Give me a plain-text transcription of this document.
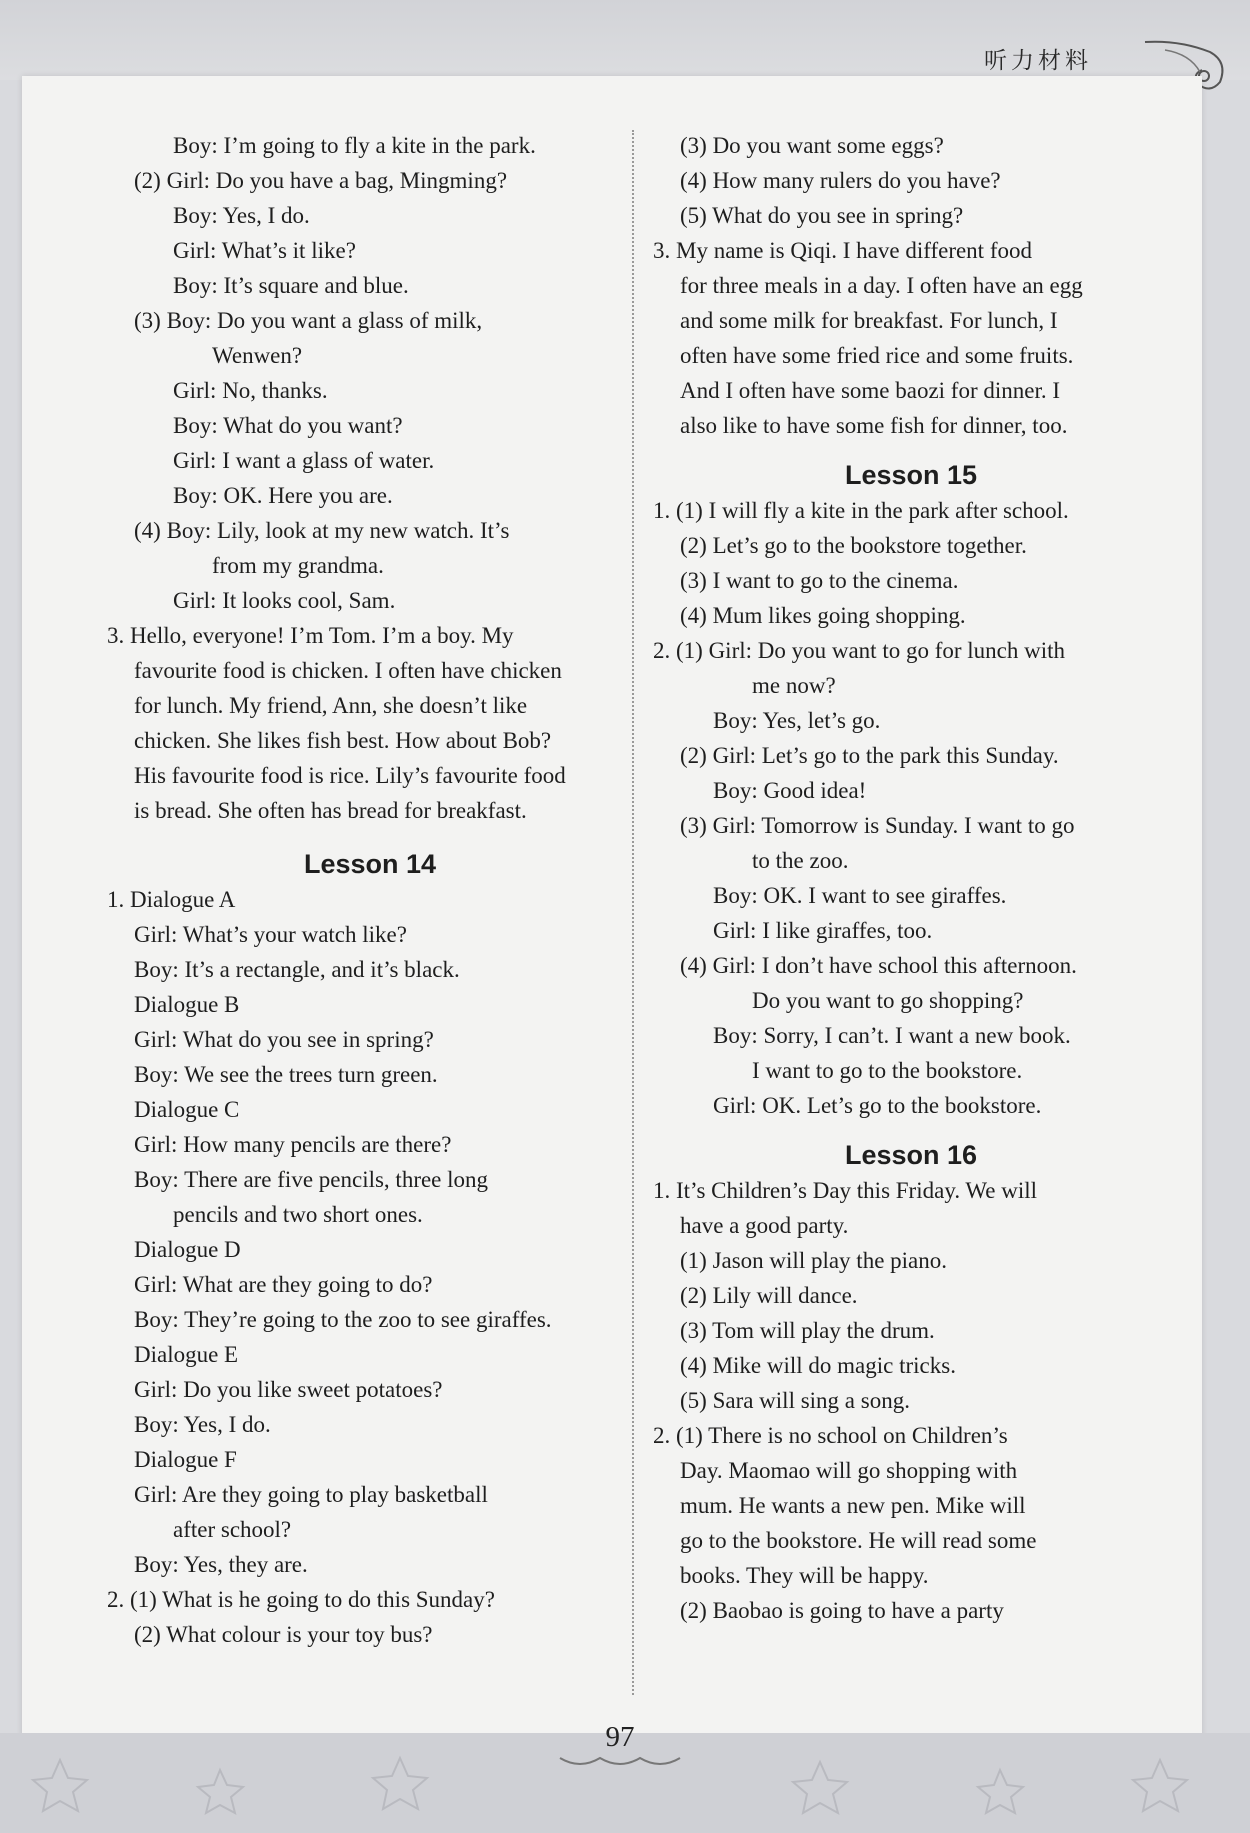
听力材料
Boy: I’m going to fly a kite in the park.
(2) Girl: Do you have a bag, Mingming?
Boy: Yes, I do.
Girl: What’s it like?
Boy: It’s square and blue.
(3) Boy: Do you want a glass of milk,
Wenwen?
Girl: No, thanks.
Boy: What do you want?
Girl: I want a glass of water.
Boy: OK. Here you are.
(4) Boy: Lily, look at my new watch. It’s
from my grandma.
Girl: It looks cool, Sam.
3. Hello, everyone! I’m Tom. I’m a boy. My
favourite food is chicken. I often have chicken
for lunch. My friend, Ann, she doesn’t like
chicken. She likes fish best. How about Bob?
His favourite food is rice. Lily’s favourite food
is bread. She often has bread for breakfast.
Lesson 14
1. Dialogue A
Girl: What’s your watch like?
Boy: It’s a rectangle, and it’s black.
Dialogue B
Girl: What do you see in spring?
Boy: We see the trees turn green.
Dialogue C
Girl: How many pencils are there?
Boy: There are five pencils, three long
pencils and two short ones.
Dialogue D
Girl: What are they going to do?
Boy: They’re going to the zoo to see giraffes.
Dialogue E
Girl: Do you like sweet potatoes?
Boy: Yes, I do.
Dialogue F
Girl: Are they going to play basketball
after school?
Boy: Yes, they are.
2. (1) What is he going to do this Sunday?
(2) What colour is your toy bus?
(3) Do you want some eggs?
(4) How many rulers do you have?
(5) What do you see in spring?
3. My name is Qiqi. I have different food
for three meals in a day. I often have an egg
and some milk for breakfast. For lunch, I
often have some fried rice and some fruits.
And I often have some baozi for dinner. I
also like to have some fish for dinner, too.
Lesson 15
1. (1) I will fly a kite in the park after school.
(2) Let’s go to the bookstore together.
(3) I want to go to the cinema.
(4) Mum likes going shopping.
2. (1) Girl: Do you want to go for lunch with
me now?
Boy: Yes, let’s go.
(2) Girl: Let’s go to the park this Sunday.
Boy: Good idea!
(3) Girl: Tomorrow is Sunday. I want to go
to the zoo.
Boy: OK. I want to see giraffes.
Girl: I like giraffes, too.
(4) Girl: I don’t have school this afternoon.
Do you want to go shopping?
Boy: Sorry, I can’t. I want a new book.
I want to go to the bookstore.
Girl: OK. Let’s go to the bookstore.
Lesson 16
1. It’s Children’s Day this Friday. We will
have a good party.
(1) Jason will play the piano.
(2) Lily will dance.
(3) Tom will play the drum.
(4) Mike will do magic tricks.
(5) Sara will sing a song.
2. (1) There is no school on Children’s
Day. Maomao will go shopping with
mum. He wants a new pen. Mike will
go to the bookstore. He will read some
books. They will be happy.
(2) Baobao is going to have a party
97
